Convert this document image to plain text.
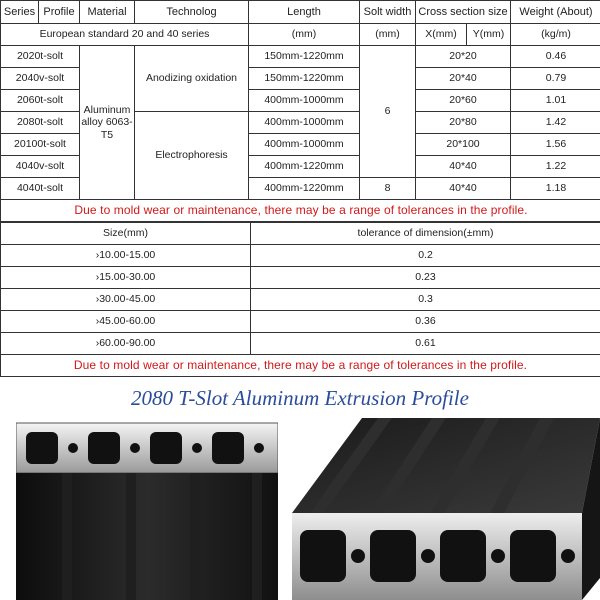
Series	Profile	Material	Technolog	Length	Solt width	Cross section size		Weight (About)
European standard 20 and 40 series				(mm)	(mm)	X(mm)	Y(mm)	(kg/m)
2020t-solt		Aluminum alloy 6063-T5	Anodizing oxidation	150mm-1220mm	6	20*20		0.46
2040v-solt				150mm-1220mm		20*40		0.79
2060t-solt				400mm-1000mm		20*60		1.01
2080t-solt			Electrophoresis	400mm-1000mm		20*80		1.42
20100t-solt				400mm-1000mm		20*100		1.56
4040v-solt				400mm-1220mm		40*40		1.22
4040t-solt				400mm-1220mm	8	40*40		1.18
Due to mold wear or maintenance, there may be a range of tolerances in the profile.								
Size(mm)	tolerance of dimension(±mm)
›10.00-15.00	0.2
›15.00-30.00	0.23
›30.00-45.00	0.3
›45.00-60.00	0.36
›60.00-90.00	0.61
Due to mold wear or maintenance, there may be a range of tolerances in the profile.	
2080 T-Slot Aluminum Extrusion Profile
